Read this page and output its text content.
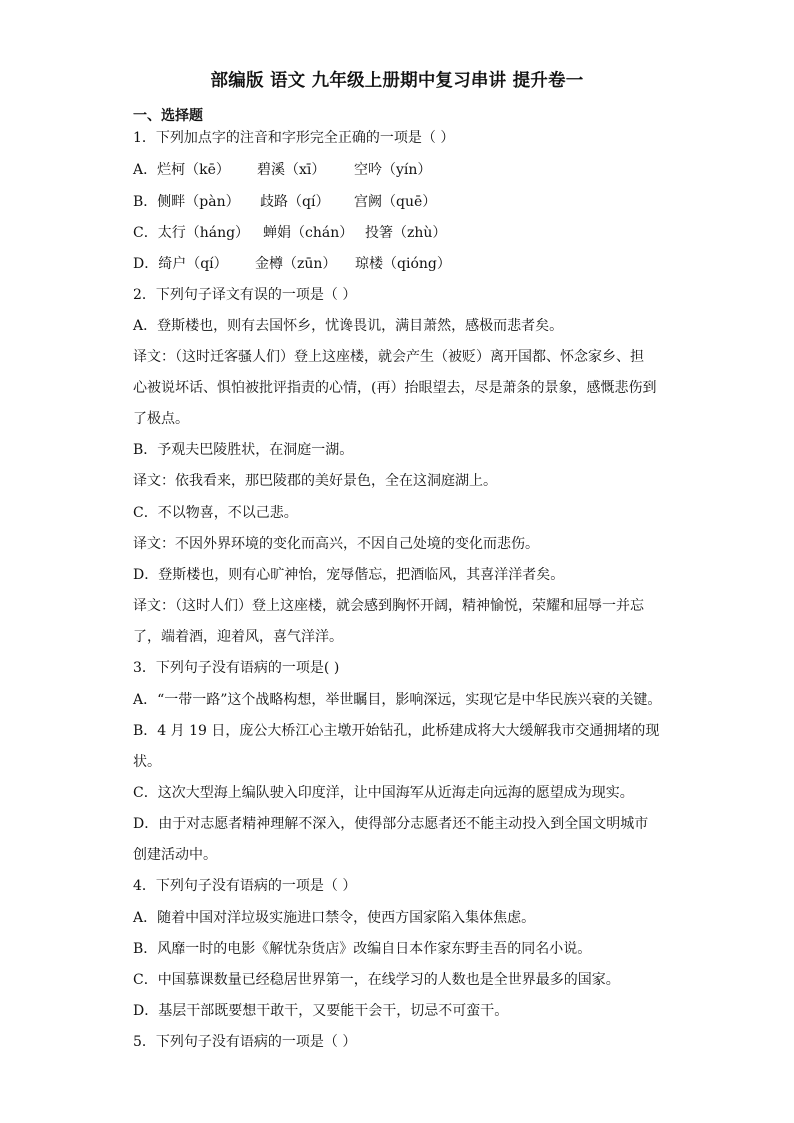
部编版 语文 九年级上册期中复习串讲 提升卷一
一、选择题
1．下列加点字的注音和字形完全正确的一项是（ ）
A．烂柯（kē） 碧溪（xī） 空吟（yín）
B．侧畔（pàn） 歧路（qí） 宫阙（quē）
C．太行（háng） 蝉娟（chán） 投箸（zhù）
D．绮户（qí） 金樽（zūn） 琼楼（qióng）
2．下列句子译文有误的一项是（ ）
A．登斯楼也，则有去国怀乡，忧谗畏讥，满目萧然，感极而悲者矣。
译文：（这时迁客骚人们）登上这座楼，就会产生（被贬）离开国都、怀念家乡、担
心被说坏话、惧怕被批评指责的心情，(再）抬眼望去，尽是萧条的景象，感慨悲伤到
了极点。
B．予观夫巴陵胜状，在洞庭一湖。
译文：依我看来，那巴陵郡的美好景色，全在这洞庭湖上。
C．不以物喜，不以己悲。
译文：不因外界环境的变化而高兴，不因自己处境的变化而悲伤。
D．登斯楼也，则有心旷神怡，宠辱偕忘，把酒临风，其喜洋洋者矣。
译文：（这时人们）登上这座楼，就会感到胸怀开阔，精神愉悦，荣耀和屈辱一并忘
了，端着酒，迎着风，喜气洋洋。
3．下列句子没有语病的一项是( )
A．“一带一路”这个战略构想，举世瞩目，影响深远，实现它是中华民族兴衰的关键。
B．4 月 19 日，庞公大桥江心主墩开始钻孔，此桥建成将大大缓解我市交通拥堵的现
状。
C．这次大型海上编队驶入印度洋，让中国海军从近海走向远海的愿望成为现实。
D．由于对志愿者精神理解不深入，使得部分志愿者还不能主动投入到全国文明城市
创建活动中。
4．下列句子没有语病的一项是（ ）
A．随着中国对洋垃圾实施进口禁令，使西方国家陷入集体焦虑。
B．风靡一时的电影《解忧杂货店》改编自日本作家东野圭吾的同名小说。
C．中国慕课数量已经稳居世界第一，在线学习的人数也是全世界最多的国家。
D．基层干部既要想干敢干，又要能干会干，切忌不可蛮干。
5．下列句子没有语病的一项是（ ）
